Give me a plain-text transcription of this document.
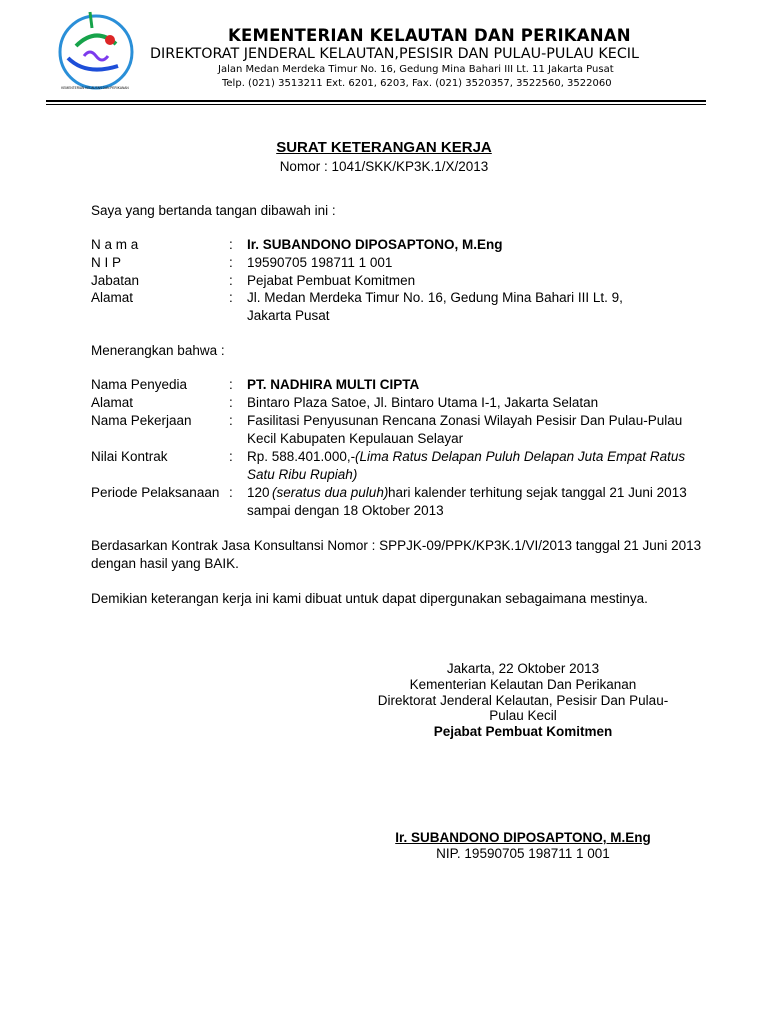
KEMENTERIAN KELAUTAN DAN PERIKANAN
KEMENTERIAN KELAUTAN DAN PERIKANAN
DIREKTORAT JENDERAL KELAUTAN,PESISIR DAN PULAU-PULAU KECIL
Jalan Medan Merdeka Timur No. 16, Gedung Mina Bahari III Lt. 11 Jakarta Pusat
Telp. (021) 3513211 Ext. 6201, 6203, Fax. (021) 3520357, 3522560, 3522060
SURAT KETERANGAN KERJA
Nomor : 1041/SKK/KP3K.1/X/2013
Saya yang bertanda tangan dibawah ini :
N a m a	: Ir. SUBANDONO DIPOSAPTONO, M.Eng
N I P	: 19590705 198711 1 001
Jabatan	: Pejabat Pembuat Komitmen
Alamat	: Jl. Medan Merdeka Timur No. 16, Gedung Mina Bahari III Lt. 9,
Jakarta Pusat
Menerangkan bahwa :
Nama Penyedia	: PT. NADHIRA MULTI CIPTA
Alamat	: Bintaro Plaza Satoe, Jl. Bintaro Utama I-1, Jakarta Selatan
Nama Pekerjaan	: Fasilitasi Penyusunan Rencana Zonasi Wilayah Pesisir Dan Pulau-Pulau
Kecil Kabupaten Kepulauan Selayar
Nilai Kontrak	: Rp. 588.401.000,- (Lima Ratus Delapan Puluh Delapan Juta Empat Ratus
Satu Ribu Rupiah)
Periode Pelaksanaan : 120 (seratus dua puluh) hari kalender terhitung sejak tanggal 21 Juni 2013
sampai dengan 18 Oktober 2013
Berdasarkan Kontrak Jasa Konsultansi Nomor : SPPJK-09/PPK/KP3K.1/VI/2013 tanggal 21 Juni 2013
dengan hasil yang BAIK.
Demikian keterangan kerja ini kami dibuat untuk dapat dipergunakan sebagaimana mestinya.
Jakarta, 22 Oktober 2013
Kementerian Kelautan Dan Perikanan
Direktorat Jenderal Kelautan, Pesisir Dan Pulau-
Pulau Kecil
Pejabat Pembuat Komitmen
Ir. SUBANDONO DIPOSAPTONO, M.Eng
NIP. 19590705 198711 1 001
